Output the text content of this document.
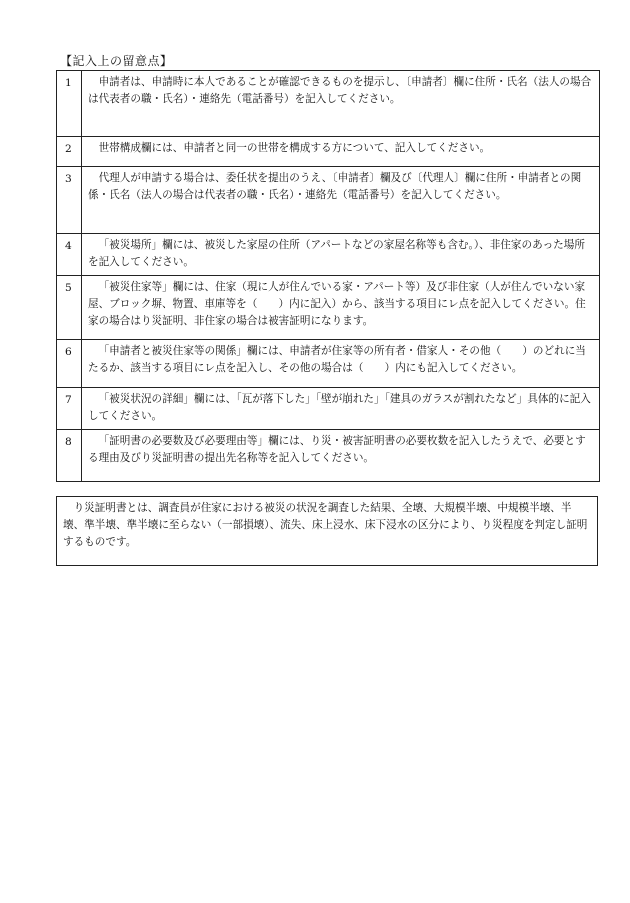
【記入上の留意点】
1	申請者は、申請時に本人であることが確認できるものを提示し、〔申請者〕欄に住所・氏名（法人の場合は代表者の職・氏名）・連絡先（電話番号）を記入してください。
2	世帯構成欄には、申請者と同一の世帯を構成する方について、記入してください。
3	代理人が申請する場合は、委任状を提出のうえ、〔申請者〕欄及び〔代理人〕欄に住所・申請者との関係・氏名（法人の場合は代表者の職・氏名）・連絡先（電話番号）を記入してください。
4	「被災場所」欄には、被災した家屋の住所（アパートなどの家屋名称等も含む。）、非住家のあった場所を記入してください。
5	「被災住家等」欄には、住家（現に人が住んでいる家・アパート等）及び非住家（人が住んでいない家屋、ブロック塀、物置、車庫等を（　　）内に記入）から、該当する項目にレ点を記入してください。住家の場合はり災証明、非住家の場合は被害証明になります。
6	「申請者と被災住家等の関係」欄には、申請者が住家等の所有者・借家人・その他（　　）のどれに当たるか、該当する項目にレ点を記入し、その他の場合は（　　）内にも記入してください。
7	「被災状況の詳細」欄には、「瓦が落下した」「壁が崩れた」「建具のガラスが割れたなど」具体的に記入してください。
8	「証明書の必要数及び必要理由等」欄には、り災・被害証明書の必要枚数を記入したうえで、必要とする理由及びり災証明書の提出先名称等を記入してください。
り災証明書とは、調査員が住家における被災の状況を調査した結果、全壊、大規模半壊、中規模半壊、半壊、準半壊、準半壊に至らない（一部損壊）、流失、床上浸水、床下浸水の区分により、り災程度を判定し証明するものです。
